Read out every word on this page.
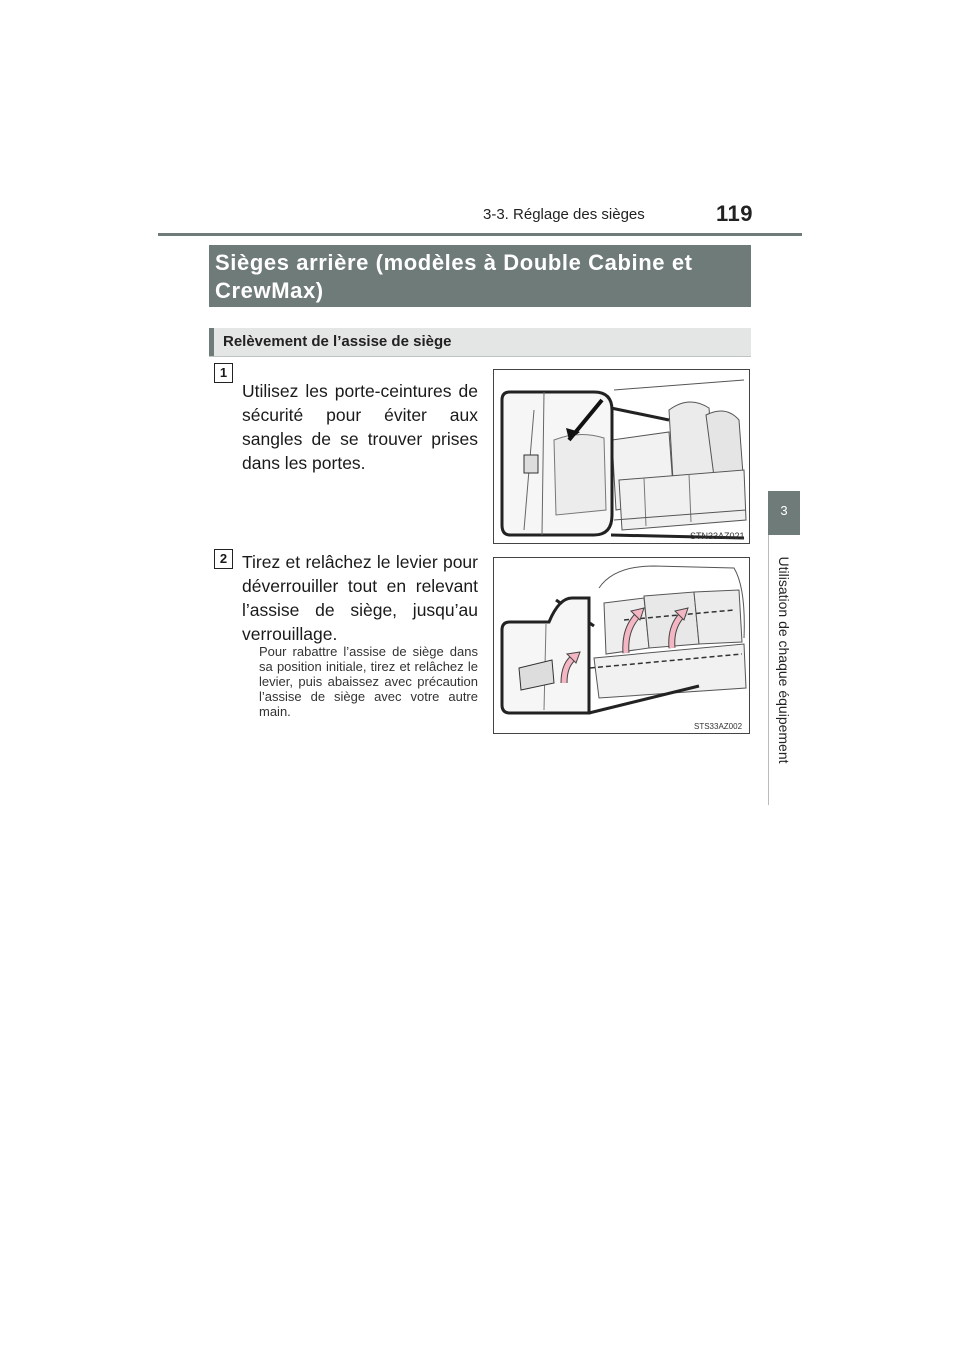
3-3. Réglage des sièges	119
3
Utilisation de chaque équipement
Sièges arrière (modèles à Double Cabine et CrewMax)
Relèvement de l’assise de siège
1
Utilisez les porte-ceintures de sécurité pour éviter aux sangles de se trouver prises dans les portes.
STN33AZ021
2 Tirez et relâchez le levier pour déverrouiller tout en relevant l’assise de siège, jusqu’au verrouillage.
Pour rabattre l’assise de siège dans sa position initiale, tirez et relâchez le levier, puis abaissez avec précaution l’assise de siège avec votre autre main.
STS33AZ002
